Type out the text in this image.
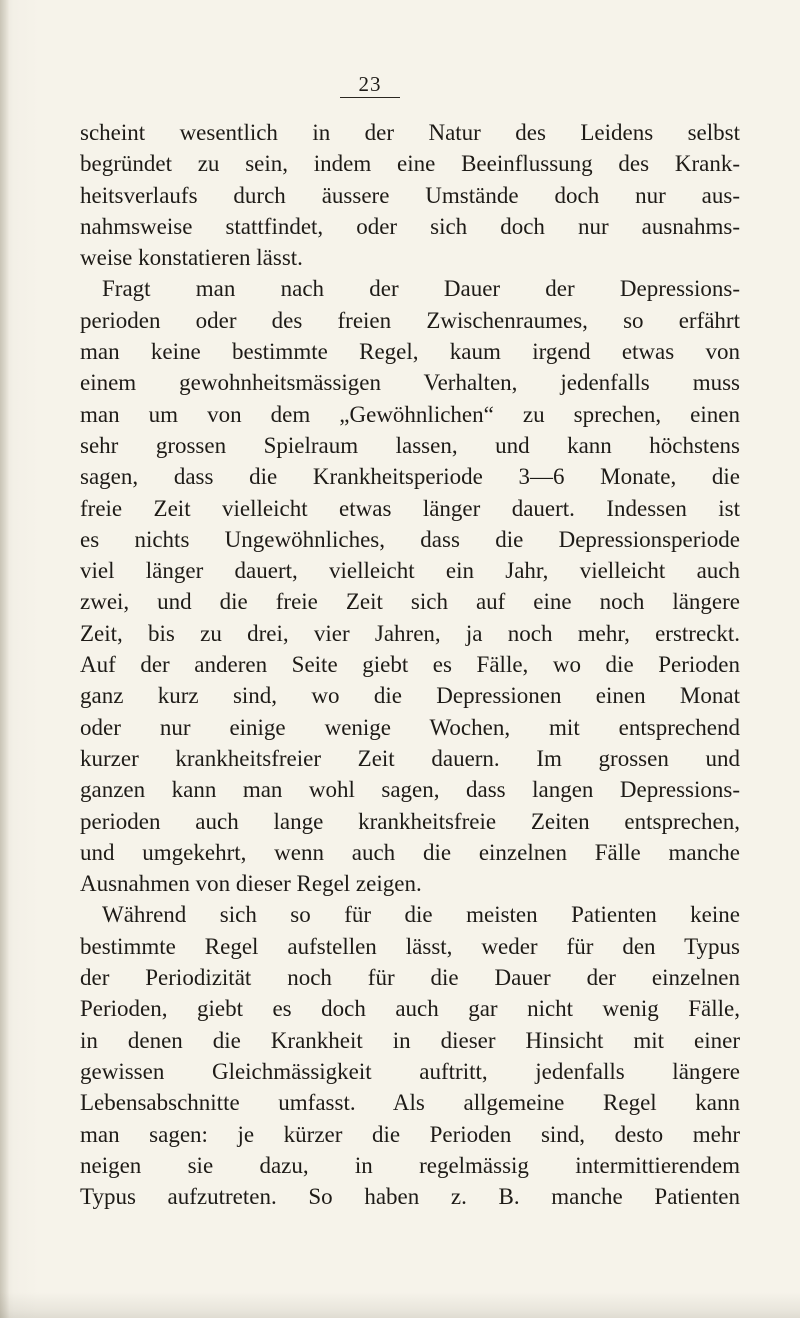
23
scheint wesentlich in der Natur des Leidens selbst
begründet zu sein, indem eine Beeinflussung des Krank-
heitsverlaufs durch äussere Umstände doch nur aus-
nahmsweise stattfindet, oder sich doch nur ausnahms-
weise konstatieren lässt.
Fragt man nach der Dauer der Depressions-
perioden oder des freien Zwischenraumes, so erfährt
man keine bestimmte Regel, kaum irgend etwas von
einem gewohnheitsmässigen Verhalten, jedenfalls muss
man um von dem „Gewöhnlichen“ zu sprechen, einen
sehr grossen Spielraum lassen, und kann höchstens
sagen, dass die Krankheitsperiode 3—6 Monate, die
freie Zeit vielleicht etwas länger dauert. Indessen ist
es nichts Ungewöhnliches, dass die Depressionsperiode
viel länger dauert, vielleicht ein Jahr, vielleicht auch
zwei, und die freie Zeit sich auf eine noch längere
Zeit, bis zu drei, vier Jahren, ja noch mehr, erstreckt.
Auf der anderen Seite giebt es Fälle, wo die Perioden
ganz kurz sind, wo die Depressionen einen Monat
oder nur einige wenige Wochen, mit entsprechend
kurzer krankheitsfreier Zeit dauern. Im grossen und
ganzen kann man wohl sagen, dass langen Depressions-
perioden auch lange krankheitsfreie Zeiten entsprechen,
und umgekehrt, wenn auch die einzelnen Fälle manche
Ausnahmen von dieser Regel zeigen.
Während sich so für die meisten Patienten keine
bestimmte Regel aufstellen lässt, weder für den Typus
der Periodizität noch für die Dauer der einzelnen
Perioden, giebt es doch auch gar nicht wenig Fälle,
in denen die Krankheit in dieser Hinsicht mit einer
gewissen Gleichmässigkeit auftritt, jedenfalls längere
Lebensabschnitte umfasst. Als allgemeine Regel kann
man sagen: je kürzer die Perioden sind, desto mehr
neigen sie dazu, in regelmässig intermittierendem
Typus aufzutreten. So haben z. B. manche Patienten
